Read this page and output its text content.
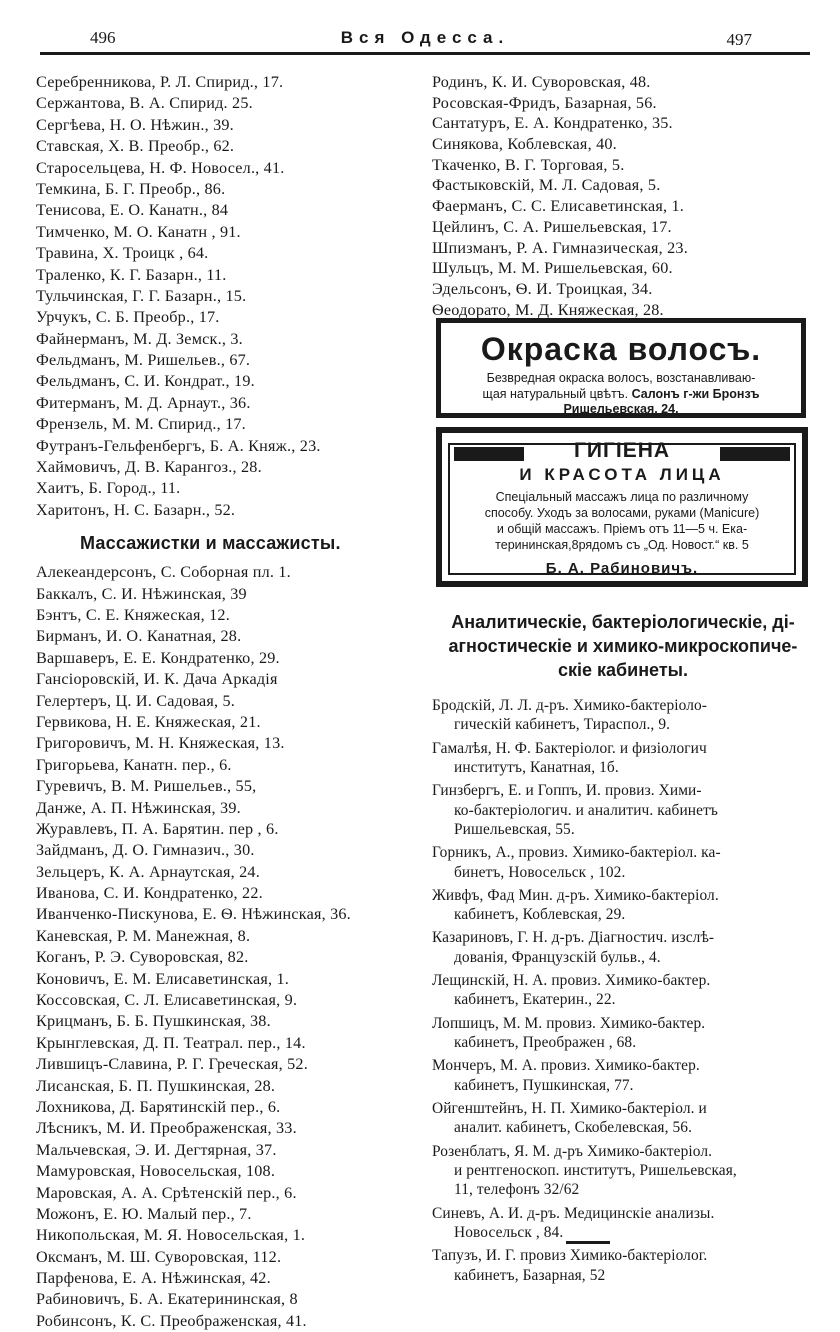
496	Вся Одесса.	497
Серебренникова, Р. Л. Спирид., 17.
Сержантова, В. А. Спирид. 25.
Сергѣева, Н. О. Нѣжин., 39.
Ставская, Х. В. Преобр., 62.
Старосельцева, Н. Ф. Новосел., 41.
Темкина, Б. Г. Преобр., 86.
Тенисова, Е. О. Канатн., 84
Тимченко, М. О. Канатн , 91.
Травина, Х. Троицк , 64.
Траленко, К. Г. Базарн., 11.
Тульчинская, Г. Г. Базарн., 15.
Урчукъ, С. Б. Преобр., 17.
Файнерманъ, М. Д. Земск., 3.
Фельдманъ, М. Ришельев., 67.
Фельдманъ, С. И. Кондрат., 19.
Фитерманъ, М. Д. Арнаут., 36.
Френзель, М. М. Спирид., 17.
Футранъ-Гельфенбергъ, Б. А. Княж., 23.
Хаймовичъ, Д. В. Карангоз., 28.
Хаитъ, Б. Город., 11.
Харитонъ, Н. С. Базарн., 52.
Массажистки и массажисты.
Алекеандерсонъ, С. Соборная пл. 1.
Баккалъ, С. И. Нѣжинская, 39
Бэнтъ, С. Е. Княжеская, 12.
Бирманъ, И. О. Канатная, 28.
Варшаверъ, Е. Е. Кондратенко, 29.
Гансіоровскій, И. К. Дача Аркадія
Гелертеръ, Ц. И. Садовая, 5.
Гервикова, Н. Е. Княжеская, 21.
Григоровичъ, М. Н. Княжеская, 13.
Григорьева, Канатн. пер., 6.
Гуревичъ, В. М. Ришельев., 55,
Данже, А. П. Нѣжинская, 39.
Журавлевъ, П. А. Барятин. пер , 6.
Зайдманъ, Д. О. Гимназич., 30.
Зельцеръ, К. А. Арнаутская, 24.
Иванова, С. И. Кондратенко, 22.
Иванченко-Пискунова, Е. Ѳ. Нѣжинская, 36.
Каневская, Р. М. Манежная, 8.
Коганъ, Р. Э. Суворовская, 82.
Коновичъ, Е. М. Елисаветинская, 1.
Коссовская, С. Л. Елисаветинская, 9.
Крицманъ, Б. Б. Пушкинская, 38.
Крынглевская, Д. П. Театрал. пер., 14.
Лившицъ-Славина, Р. Г. Греческая, 52.
Лисанская, Б. П. Пушкинская, 28.
Лохникова, Д. Барятинскій пер., 6.
Лѣсникъ, М. И. Преображенская, 33.
Мальчевская, Э. И. Дегтярная, 37.
Мамуровская, Новосельская, 108.
Маровская, А. А. Срѣтенскій пер., 6.
Можонъ, Е. Ю. Малый пер., 7.
Никопольская, М. Я. Новосельская, 1.
Оксманъ, М. Ш. Суворовская, 112.
Парфенова, Е. А. Нѣжинская, 42.
Рабиновичъ, Б. А. Екатерининская, 8
Робинсонъ, К. С. Преображенская, 41.
Родинъ, К. И. Суворовская, 48.
Росовская-Фридъ, Базарная, 56.
Сантатуръ, Е. А. Кондратенко, 35.
Синякова, Коблевская, 40.
Ткаченко, В. Г. Торговая, 5.
Фастыковскій, М. Л. Садовая, 5.
Фаерманъ, С. С. Елисаветинская, 1.
Цейлинъ, С. А. Ришельевская, 17.
Шпизманъ, Р. А. Гимназическая, 23.
Шульцъ, М. М. Ришельевская, 60.
Эдельсонъ, Ѳ. И. Троицкая, 34.
Ѳеодорато, М. Д. Княжеская, 28.
Окраска волосъ.
Безвредная окраска волосъ, возстанавливаю-
щая натуральный цвѣтъ. Салонъ г-жи Бронзъ
Ришельевская, 24.
ГИГІЕНА
И КРАСОТА ЛИЦА
Спеціальный массажъ лица по различному
способу. Уходъ за волосами, руками (Manicure)
и общій массажъ. Пріемъ отъ 11—5 ч. Ека-
терининская,8рядомъ съ „Од. Новост.“ кв. 5
Б. А. Рабиновичъ.
Аналитическіе, бактеріологическіе, ді-
агностическіе и химико-микроскопиче-
скіе кабинеты.
Бродскій, Л. Л. д-ръ. Химико-бактеріоло-
гическій кабинетъ, Тираспол., 9.
Гамалѣя, Н. Ф. Бактеріолог. и физіологич
институтъ, Канатная, 1б.
Гинзбергъ, Е. и Гоппъ, И. провиз. Хими-
ко-бактеріологич. и аналитич. кабинетъ
Ришельевская, 55.
Горникъ, А., провиз. Химико-бактеріол. ка-
бинетъ, Новосельск , 102.
Живфъ, Фад Мин. д-ръ. Химико-бактеріол.
кабинетъ, Коблевская, 29.
Казариновъ, Г. Н. д-ръ. Діагностич. изслѣ-
дованія, Французскій бульв., 4.
Лещинскій, Н. А. провиз. Химико-бактер.
кабинетъ, Екатерин., 22.
Лопшицъ, М. М. провиз. Химико-бактер.
кабинетъ, Преображен , 68.
Мончеръ, М. А. провиз. Химико-бактер.
кабинетъ, Пушкинская, 77.
Ойгенштейнъ, Н. П. Химико-бактеріол. и
аналит. кабинетъ, Скобелевская, 56.
Розенблатъ, Я. М. д-ръ Химико-бактеріол.
и рентгеноскоп. институтъ, Ришельевская,
11, телефонъ 32/62
Синевъ, А. И. д-ръ. Медицинскіе анализы.
Новосельск , 84.
Тапузъ, И. Г. провиз Химико-бактеріолог.
кабинетъ, Базарная, 52
